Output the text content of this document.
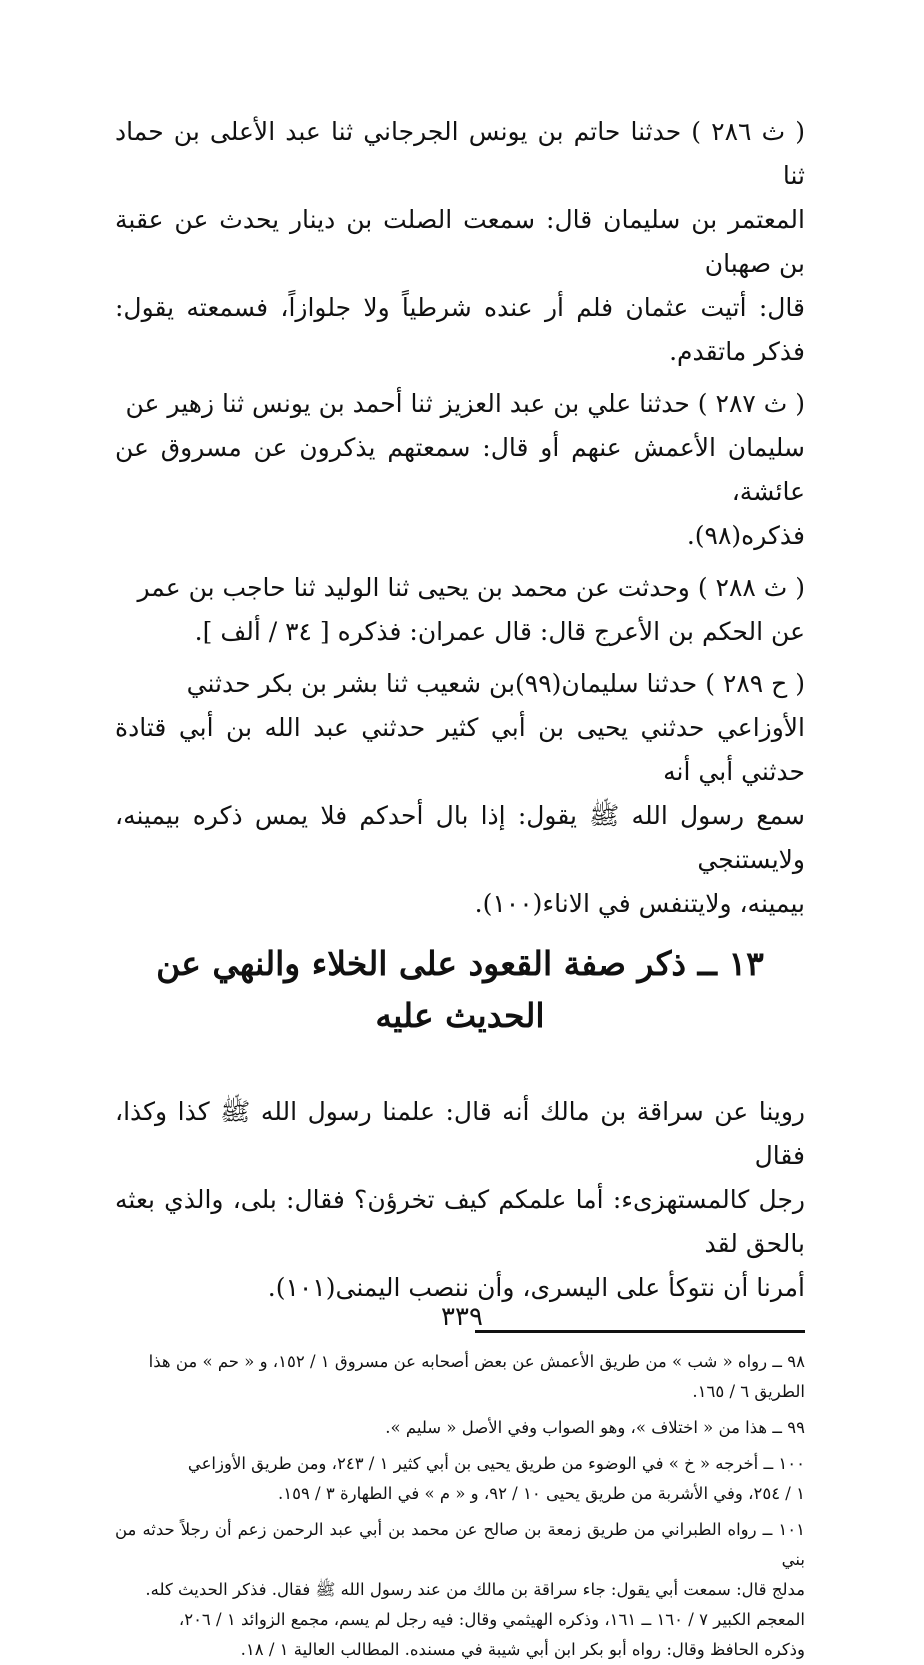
( ث ٢٨٦ ) حدثنا حاتم بن يونس الجرجاني ثنا عبد الأعلى بن حماد ثنا
المعتمر بن سليمان قال: سمعت الصلت بن دينار يحدث عن عقبة بن صهبان
قال: أتيت عثمان فلم أر عنده شرطياً ولا جلوازاً، فسمعته يقول: فذكر ماتقدم.
( ث ٢٨٧ ) حدثنا علي بن عبد العزيز ثنا أحمد بن يونس ثنا زهير عن
سليمان الأعمش عنهم أو قال: سمعتهم يذكرون عن مسروق عن عائشة،
فذكره(٩٨).
( ث ٢٨٨ ) وحدثت عن محمد بن يحيى ثنا الوليد ثنا حاجب بن عمر
عن الحكم بن الأعرج قال: قال عمران: فذكره [ ٣٤ / ألف ].
( ح ٢٨٩ ) حدثنا سليمان(٩٩)بن شعيب ثنا بشر بن بكر حدثني
الأوزاعي حدثني يحيى بن أبي كثير حدثني عبد الله بن أبي قتادة حدثني أبي أنه
سمع رسول الله ﷺ يقول: إذا بال أحدكم فلا يمس ذكره بيمينه، ولايستنجي
بيمينه، ولايتنفس في الاناء(١٠٠).
١٣ ــ ذكر صفة القعود على الخلاء والنهي عن الحديث عليه
روينا عن سراقة بن مالك أنه قال: علمنا رسول الله ﷺ كذا وكذا، فقال
رجل كالمستهزىء: أما علمكم كيف تخرؤن؟ فقال: بلى، والذي بعثه بالحق لقد
أمرنا أن نتوكأ على اليسرى، وأن ننصب اليمنى(١٠١).
٩٨ ــ رواه « شب » من طريق الأعمش عن بعض أصحابه عن مسروق ١ / ١٥٢، و « حم » من هذا
الطريق ٦ / ١٦٥.
٩٩ ــ هذا من « اختلاف »، وهو الصواب وفي الأصل « سليم ».
١٠٠ ــ أخرجه « خ » في الوضوء من طريق يحيى بن أبي كثير ١ / ٢٤٣، ومن طريق الأوزاعي
١ / ٢٥٤، وفي الأشربة من طريق يحيى ١٠ / ٩٢، و « م » في الطهارة ٣ / ١٥٩.
١٠١ ــ رواه الطبراني من طريق زمعة بن صالح عن محمد بن أبي عبد الرحمن زعم أن رجلاً حدثه من بني
مدلج قال: سمعت أبي يقول: جاء سراقة بن مالك من عند رسول الله ﷺ فقال. فذكر الحديث كله.
المعجم الكبير ٧ / ١٦٠ ــ ١٦١، وذكره الهيثمي وقال: فيه رجل لم يسم، مجمع الزوائد ١ / ٢٠٦،
وذكره الحافظ وقال: رواه أبو بكر ابن أبي شيبة في مسنده. المطالب العالية ١ / ١٨.
٣٣٩
